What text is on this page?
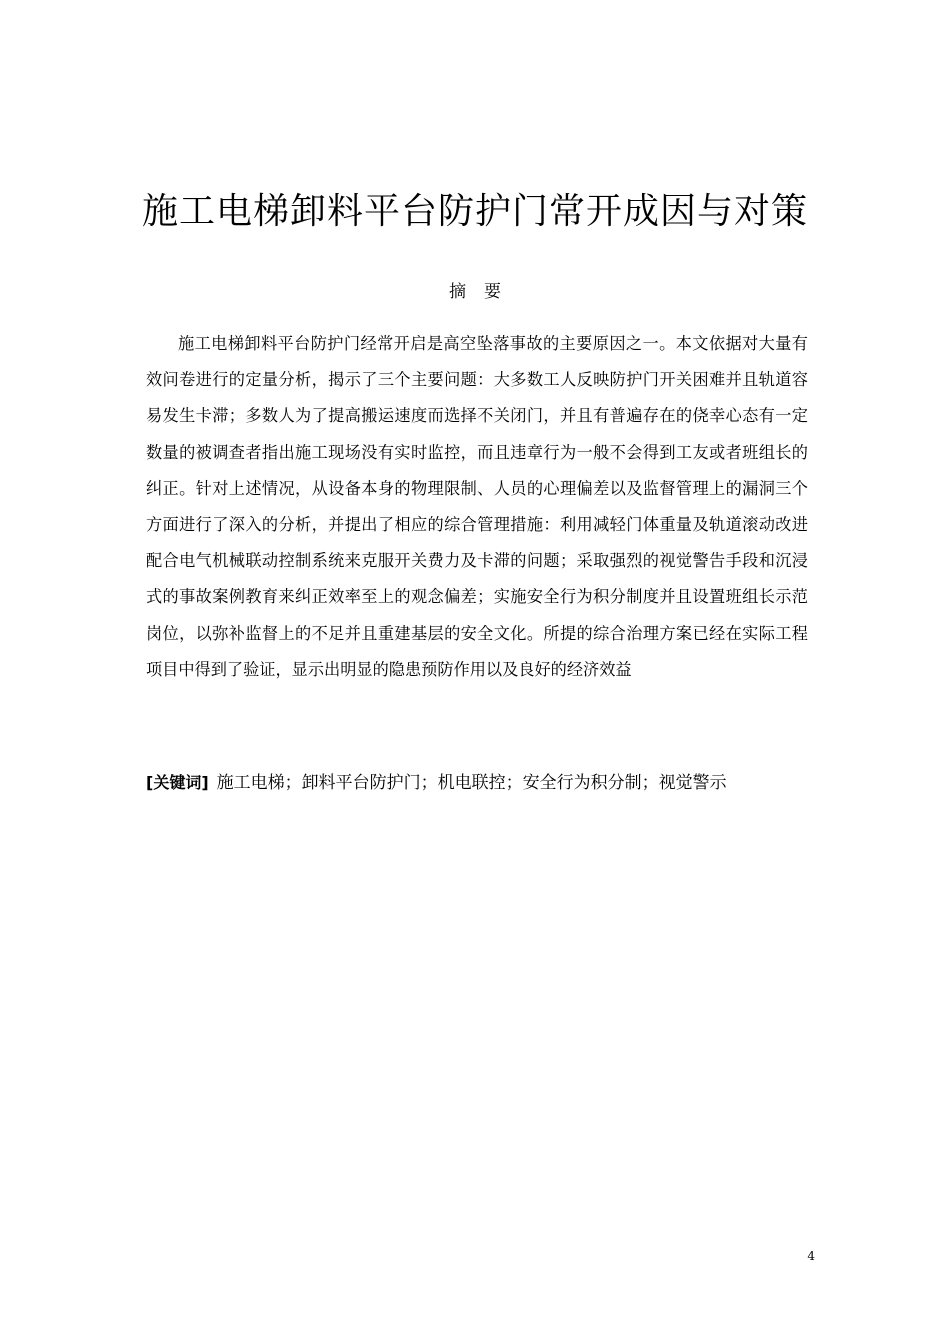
施工电梯卸料平台防护门常开成因与对策
摘要

施工电梯卸料平台防护门经常开启是高空坠落事故的主要原因之一。本文依据对大量有效问卷进行的定量分析，揭示了三个主要问题：大多数工人反映防护门开关困难并且轨道容易发生卡滞；多数人为了提高搬运速度而选择不关闭门，并且有普遍存在的侥幸心态有一定数量的被调查者指出施工现场没有实时监控，而且违章行为一般不会得到工友或者班组长的纠正。针对上述情况，从设备本身的物理限制、人员的心理偏差以及监督管理上的漏洞三个方面进行了深入的分析，并提出了相应的综合管理措施：利用减轻门体重量及轨道滚动改进配合电气机械联动控制系统来克服开关费力及卡滞的问题；采取强烈的视觉警告手段和沉浸式的事故案例教育来纠正效率至上的观念偏差；实施安全行为积分制度并且设置班组长示范岗位，以弥补监督上的不足并且重建基层的安全文化。所提的综合治理方案已经在实际工程项目中得到了验证，显示出明显的隐患预防作用以及良好的经济效益

[关键词] 施工电梯；卸料平台防护门；机电联控；安全行为积分制；视觉警示
4
